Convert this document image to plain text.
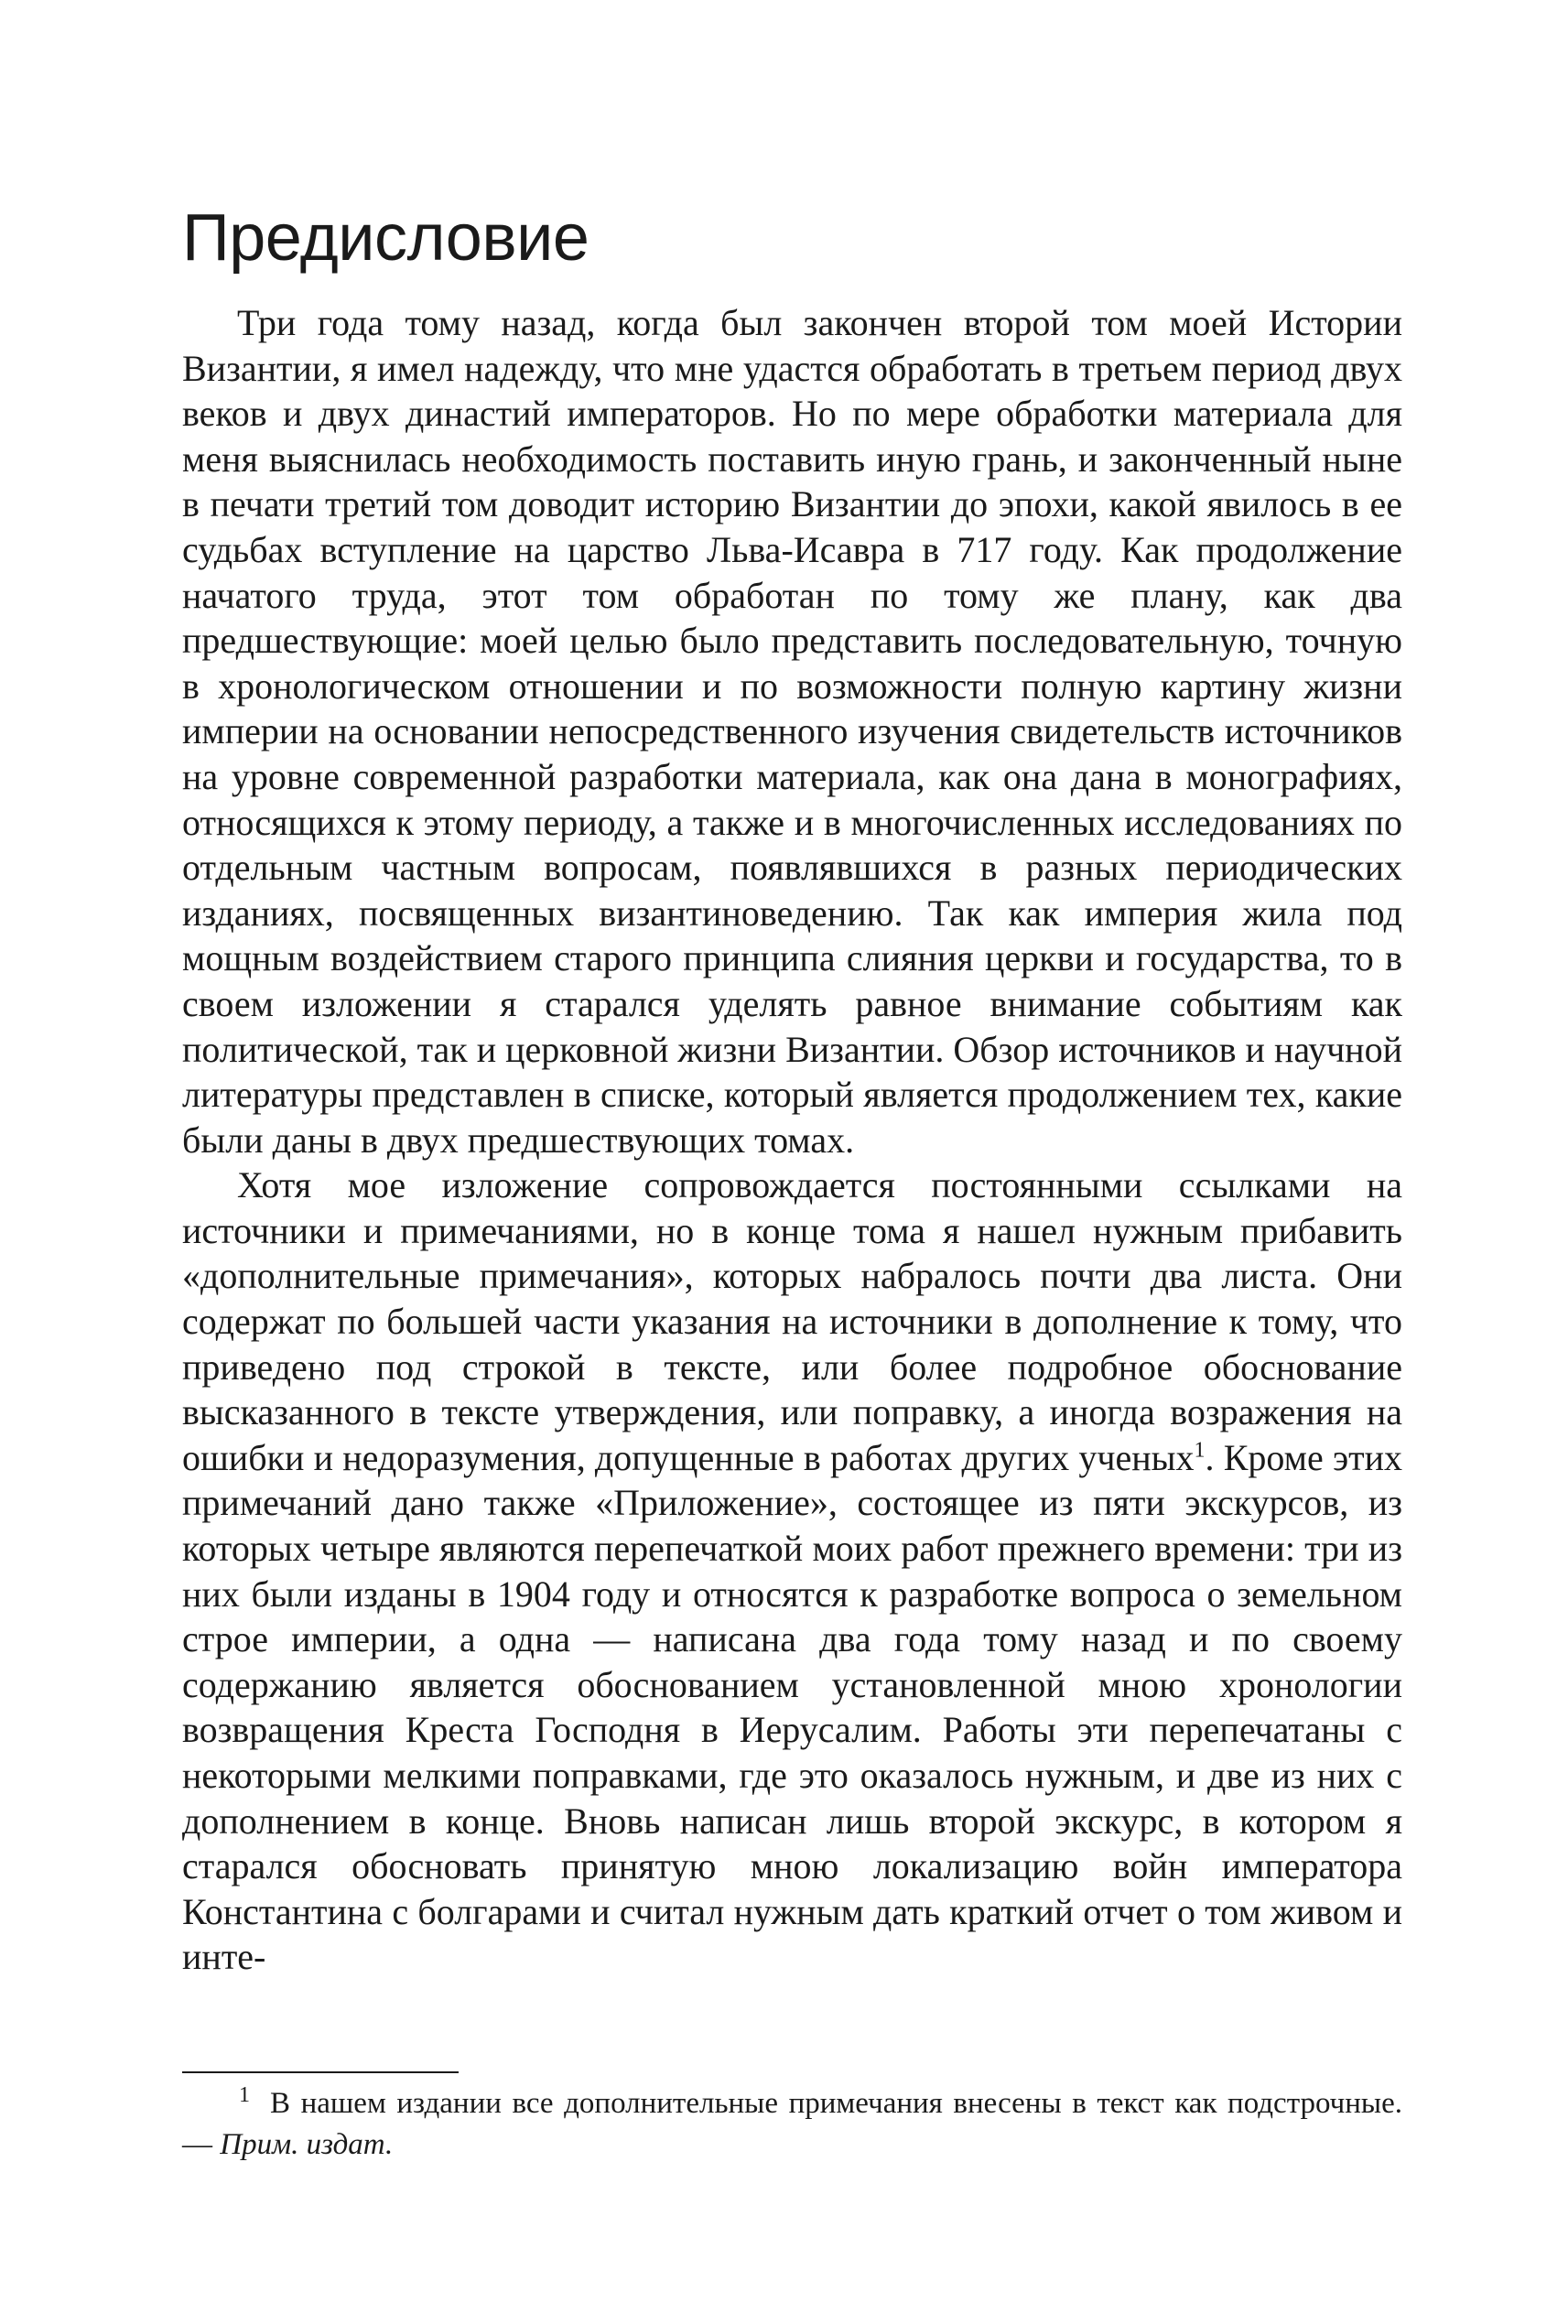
Предисловие

Три года тому назад, когда был закончен второй том моей Истории Византии, я имел надежду, что мне удастся обработать в третьем период двух веков и двух династий императоров. Но по мере обработки материала для меня выяснилась необходимость поставить иную грань, и законченный ныне в печати третий том доводит историю Византии до эпохи, какой явилось в ее судьбах вступление на царство Льва-Исавра в 717 году. Как продолжение начатого труда, этот том обработан по тому же плану, как два предшествующие: моей целью было представить последовательную, точную в хронологическом отношении и по возможности полную картину жизни империи на основании непосредственного изучения свидетельств источников на уровне современной разработки материала, как она дана в монографиях, относящихся к этому периоду, а также и в многочисленных исследованиях по отдельным частным вопросам, появлявшихся в разных периодических изданиях, посвященных византиноведению. Так как империя жила под мощным воздействием старого принципа слияния церкви и государства, то в своем изложении я старался уделять равное внимание событиям как политической, так и церковной жизни Византии. Обзор источников и научной литературы представлен в списке, который является продолжением тех, какие были даны в двух предшествующих томах.

Хотя мое изложение сопровождается постоянными ссылками на источники и примечаниями, но в конце тома я нашел нужным прибавить «дополнительные примечания», которых набралось почти два листа. Они содержат по большей части указания на источники в дополнение к тому, что приведено под строкой в тексте, или более подробное обоснование высказанного в тексте утверждения, или поправку, а иногда возражения на ошибки и недоразумения, допущенные в работах других ученых$^1$. Кроме этих примечаний дано также «Приложение», состоящее из пяти экскурсов, из которых четыре являются перепечаткой моих работ прежнего времени: три из них были изданы в 1904 году и относятся к разработке вопроса о земельном строе империи, а одна — написана два года тому назад и по своему содержанию является обоснованием установленной мною хронологии возвращения Креста Господня в Иерусалим. Работы эти перепечатаны с некоторыми мелкими поправками, где это оказалось нужным, и две из них с дополнением в конце. Вновь написан лишь второй экскурс, в котором я старался обосновать принятую мною локализацию войн императора Константина с болгарами и считал нужным дать краткий отчет о том живом и инте-

$^1$ В нашем издании все дополнительные примечания внесены в текст как подстрочные. — Прим. издат.
